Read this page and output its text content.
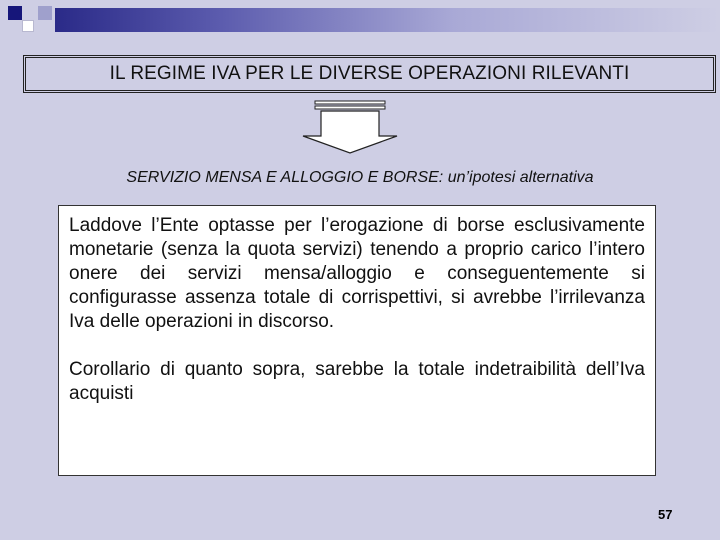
IL REGIME IVA PER LE DIVERSE OPERAZIONI RILEVANTI
SERVIZIO MENSA E ALLOGGIO E BORSE: un’ipotesi alternativa

Laddove l’Ente optasse per l’erogazione di borse esclusivamente monetarie (senza la quota servizi) tenendo a proprio carico l’intero onere dei servizi mensa/alloggio e conseguentemente si configurasse assenza totale di corrispettivi, si avrebbe l’irrilevanza Iva delle operazioni in discorso.

Corollario di quanto sopra, sarebbe la totale indetraibilità dell’Iva acquisti

57
